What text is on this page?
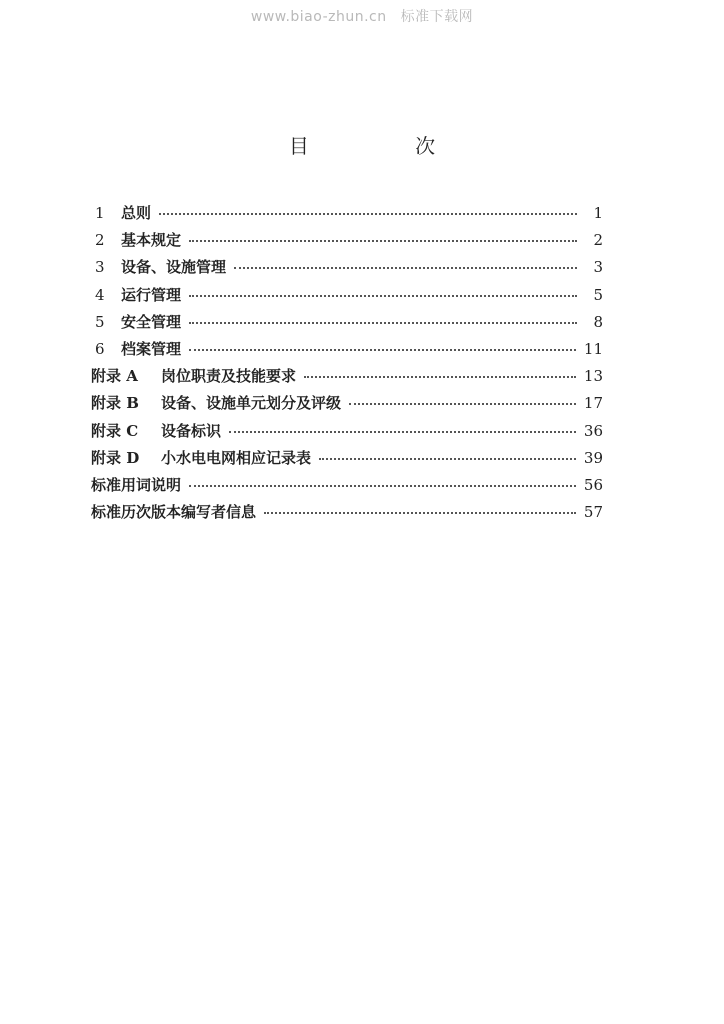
www.biao-zhun.cn 标准下载网
目 次
1	总则	1
2	基本规定	2
3	设备、设施管理	3
4	运行管理	5
5	安全管理	8
6	档案管理	11
附录 A	岗位职责及技能要求	13
附录 B	设备、设施单元划分及评级	17
附录 C	设备标识	36
附录 D	小水电电网相应记录表	39
标准用词说明	56
标准历次版本编写者信息	57
